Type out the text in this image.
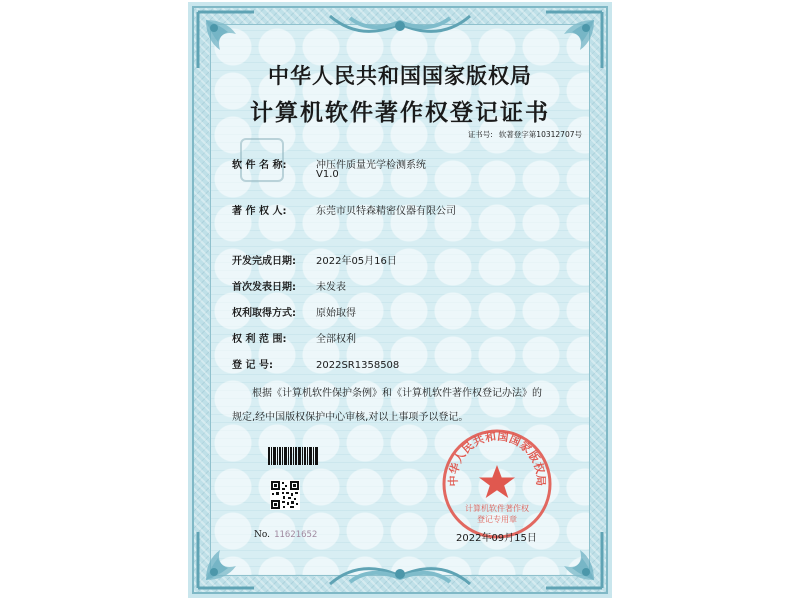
中华人民共和国国家版权局
计算机软件著作权登记证书
证书号: 软著登字第10312707号
软 件 名 称:	冲压件质量光学检测系统
V1.0
著 作 权 人:	东莞市贝特森精密仪器有限公司
开发完成日期: 2022年05月16日
首次发表日期: 未发表
权利取得方式: 原始取得
权 利 范 围:	全部权利
登 记 号:	2022SR1358508
根据《计算机软件保护条例》和《计算机软件著作权登记办法》的
规定,经中国版权保护中心审核,对以上事项予以登记。
No. 11621652
中华人民共和国国家版权局
计算机软件著作权
登记专用章
2022年09月15日
